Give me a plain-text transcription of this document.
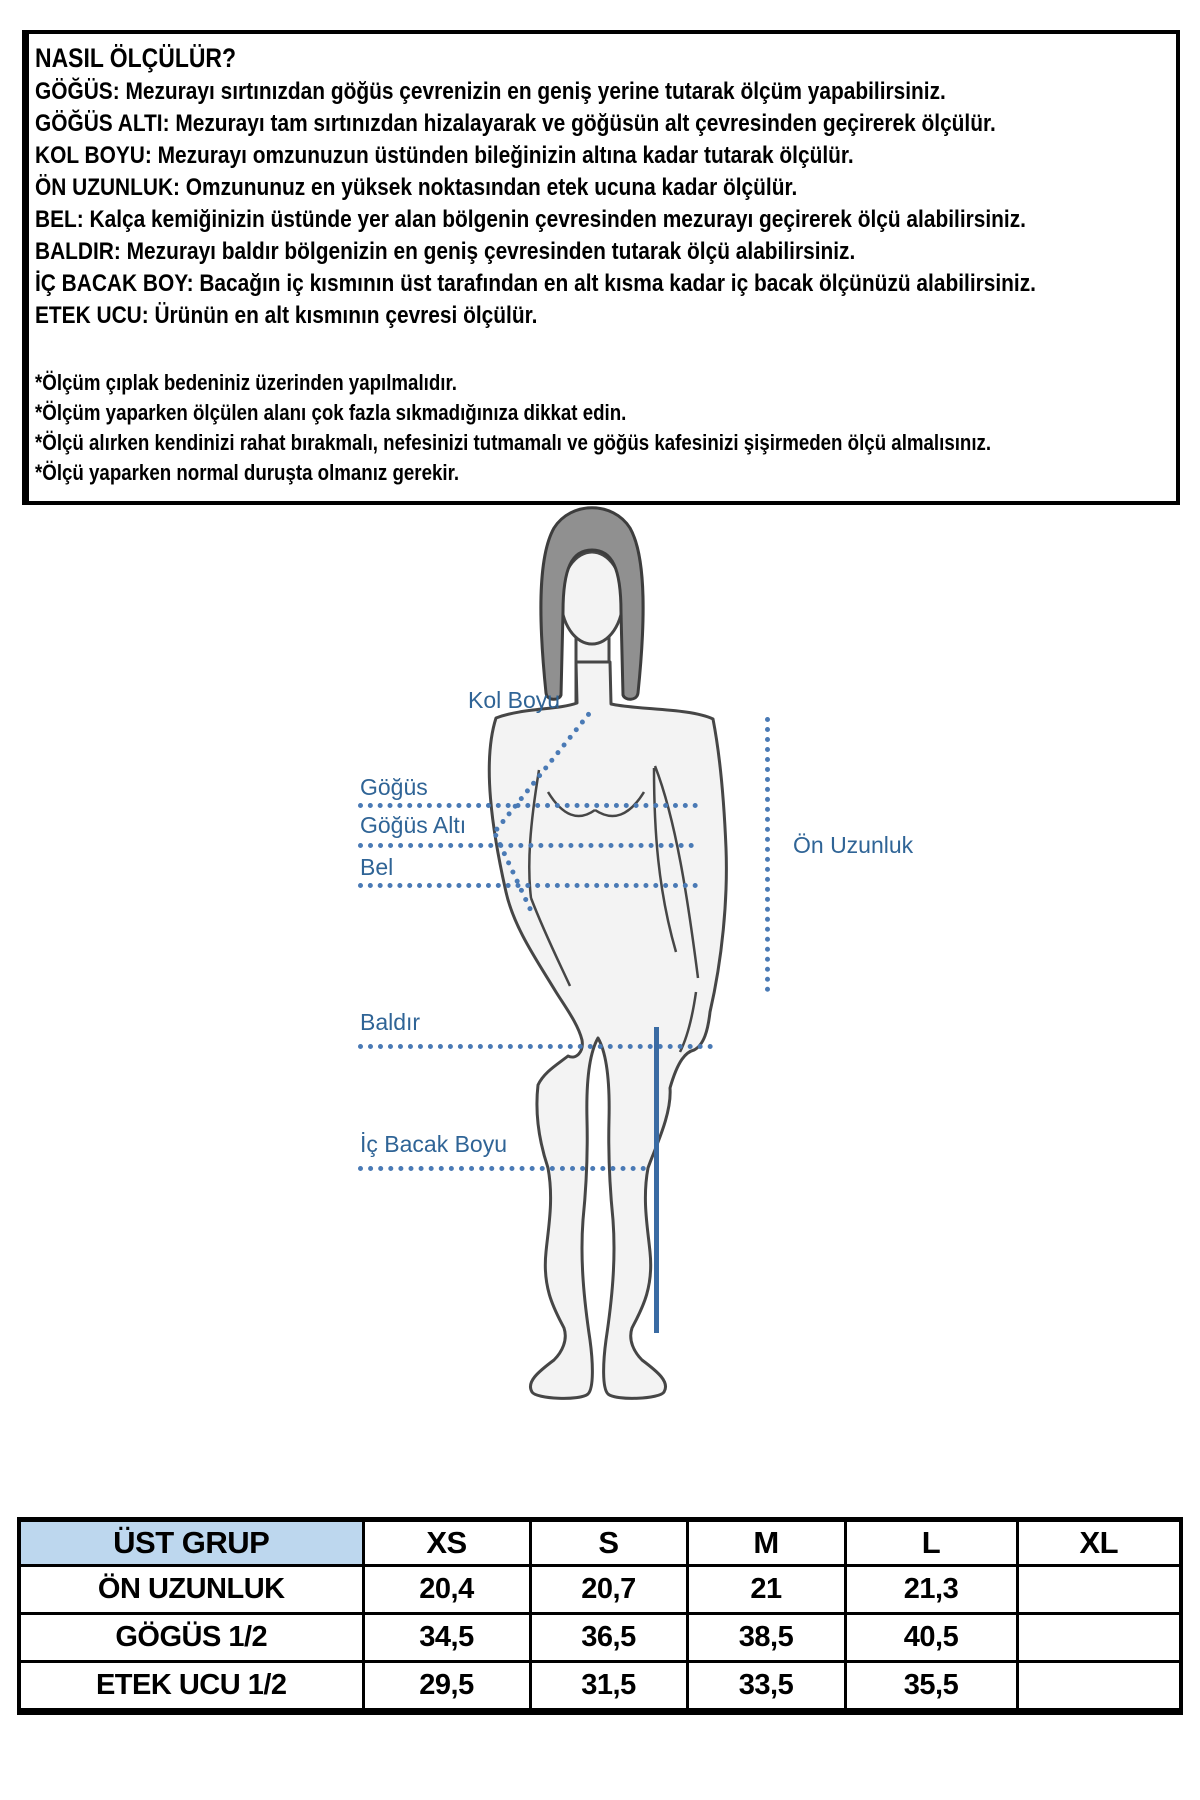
NASIL ÖLÇÜLÜR?
GÖĞÜS: Mezurayı sırtınızdan göğüs çevrenizin en geniş yerine tutarak ölçüm yapabilirsiniz.
GÖĞÜS ALTI: Mezurayı tam sırtınızdan hizalayarak ve göğüsün alt çevresinden geçirerek ölçülür.
KOL BOYU: Mezurayı omzunuzun üstünden bileğinizin altına kadar tutarak ölçülür.
ÖN UZUNLUK: Omzununuz en yüksek noktasından etek ucuna kadar ölçülür.
BEL: Kalça kemiğinizin üstünde yer alan bölgenin çevresinden mezurayı geçirerek ölçü alabilirsiniz.
BALDIR: Mezurayı baldır bölgenizin en geniş çevresinden tutarak ölçü alabilirsiniz.
İÇ BACAK BOY: Bacağın iç kısmının üst tarafından en alt kısma kadar iç bacak ölçünüzü alabilirsiniz.
ETEK UCU: Ürünün en alt kısmının çevresi ölçülür.
*Ölçüm çıplak bedeniniz üzerinden yapılmalıdır.
*Ölçüm yaparken ölçülen alanı çok fazla sıkmadığınıza dikkat edin.
*Ölçü alırken kendinizi rahat bırakmalı, nefesinizi tutmamalı ve göğüs kafesinizi şişirmeden ölçü almalısınız.
*Ölçü yaparken normal duruşta olmanız gerekir.
Kol Boyu
Göğüs
Göğüs Altı
Bel
Ön Uzunluk
Baldır
İç Bacak Boyu
ÜST GRUP	XS	S	M	L	XL
ÖN UZUNLUK	20,4	20,7	21	21,3	
GÖGÜS 1/2	34,5	36,5	38,5	40,5	
ETEK UCU 1/2	29,5	31,5	33,5	35,5	
